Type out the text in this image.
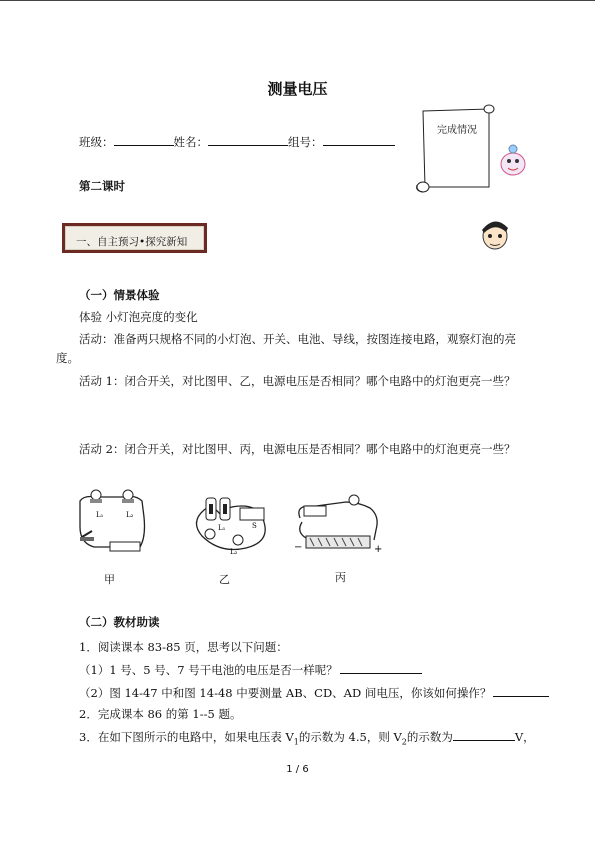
测量电压
完成情况
班级：	姓名：	组号：
第二课时
一、自主预习•探究新知
（一）情景体验
体验 小灯泡亮度的变化
活动：准备两只规格不同的小灯泡、开关、电池、导线，按图连接电路，观察灯泡的亮
度。
活动 1：闭合开关，对比图甲、乙，电源电压是否相同？哪个电路中的灯泡更亮一些？
活动 2：闭合开关，对比图甲、丙，电源电压是否相同？哪个电路中的灯泡更亮一些？
L₁	L₂
S
L₁
L₂	−	+
甲	乙	丙
（二）教材助读
1．阅读课本 83-85 页，思考以下问题：
（1）1 号、5 号、7 号干电池的电压是否一样呢？
（2）图 14-47 中和图 14-48 中要测量 AB、CD、AD 间电压，你该如何操作？
2．完成课本 86 的第 1--5 题。
3．在如下图所示的电路中，如果电压表 $V_1$的示数为 4.5，则 $V_2$的示数为	V，
1 / 6
